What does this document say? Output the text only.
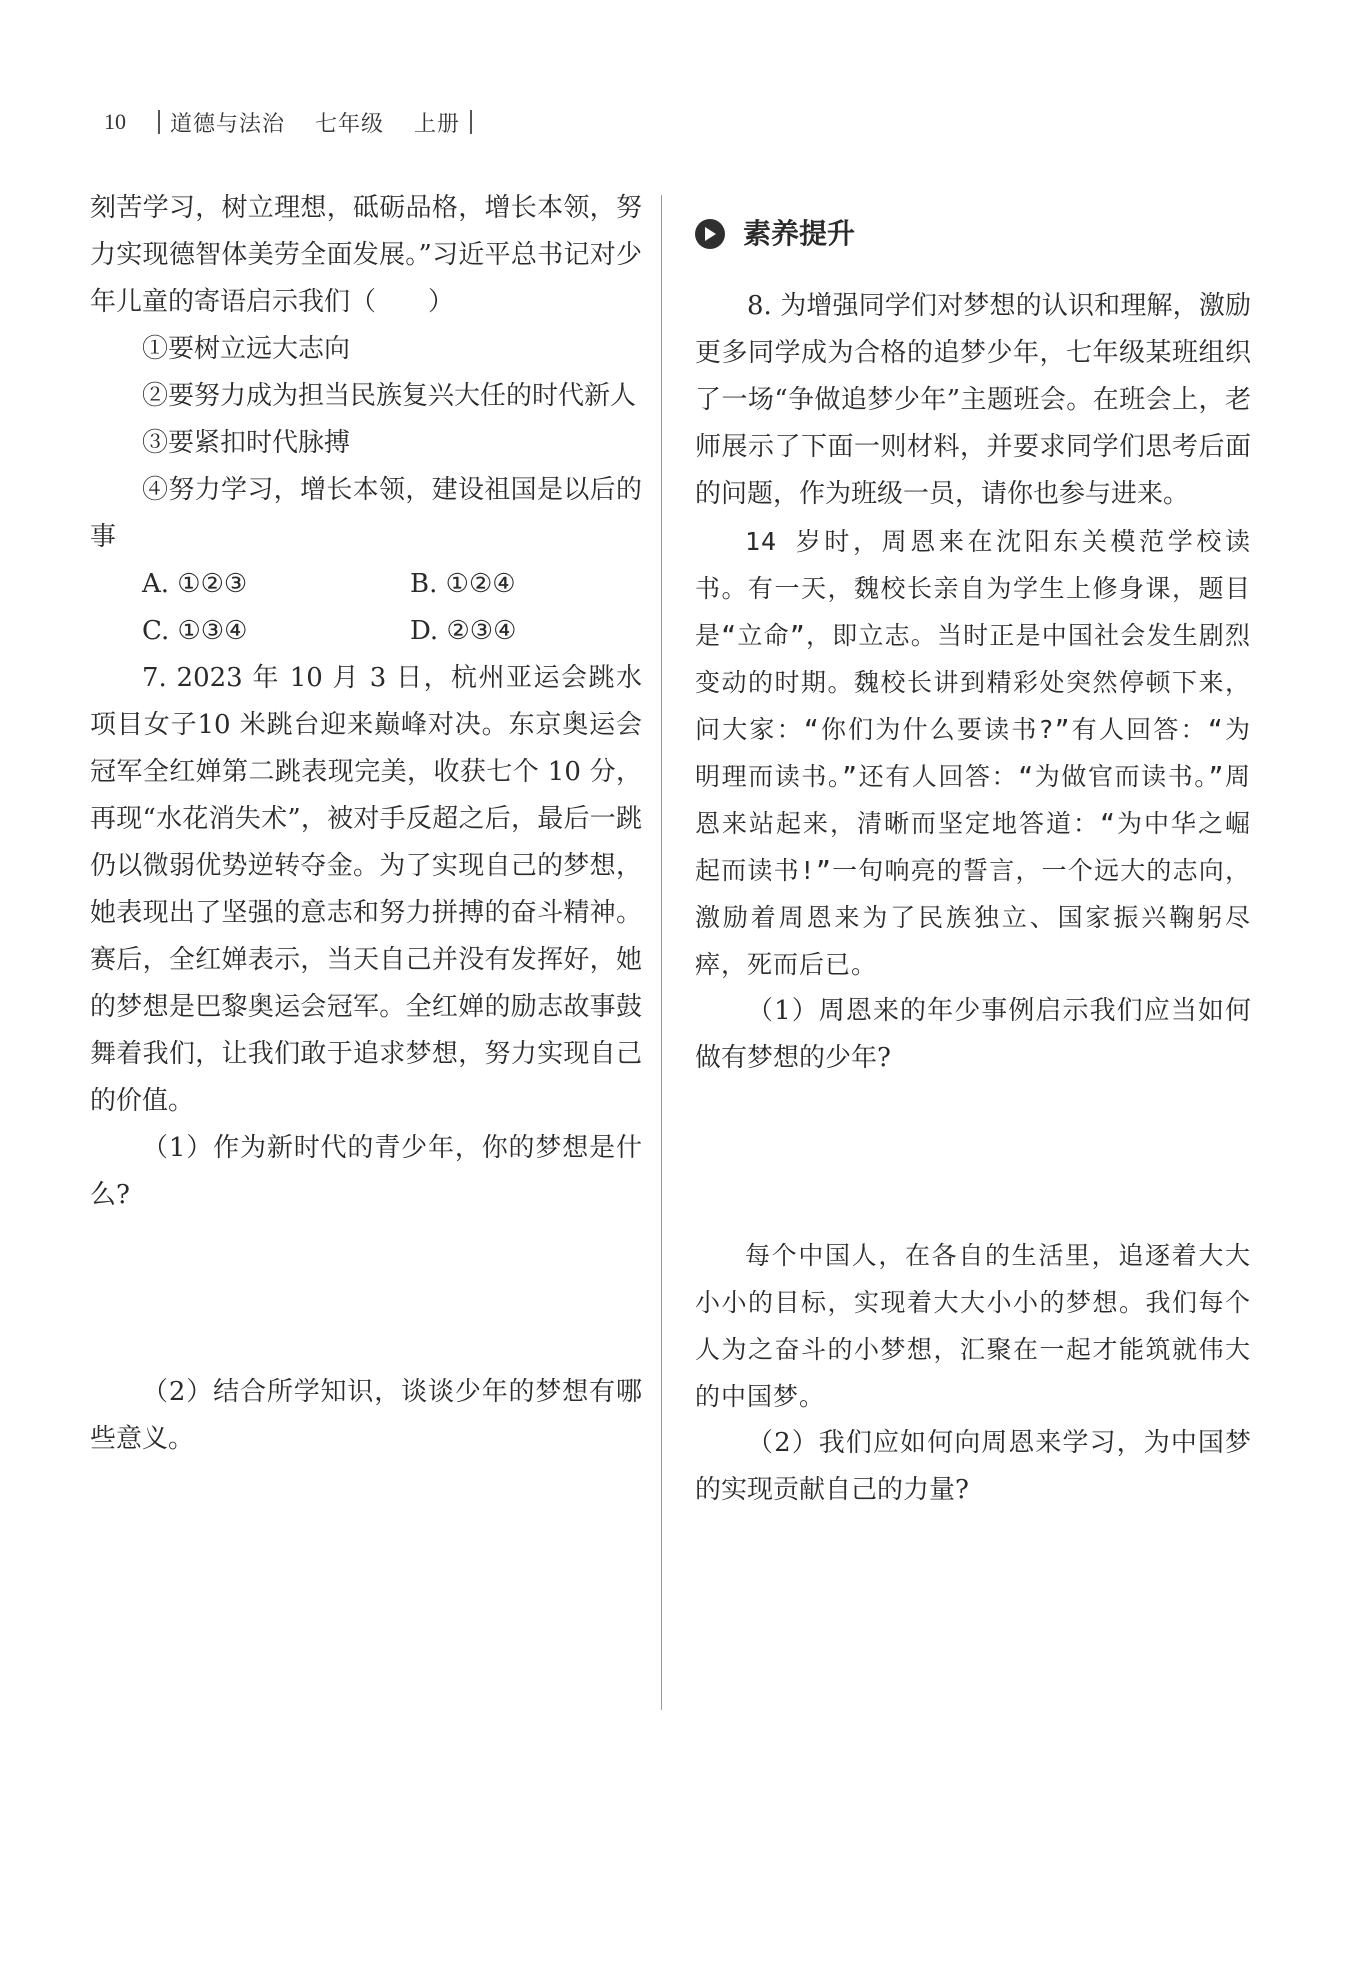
10 道德与法治 七年级 上册

刻苦学习，树立理想，砥砺品格，增长本领，努力实现德智体美劳全面发展。”习近平总书记对少年儿童的寄语启示我们（　　）

①要树立远大志向

②要努力成为担当民族复兴大任的时代新人

③要紧扣时代脉搏

④努力学习，增长本领，建设祖国是以后的事

A. ①②③	B. ①②④
C. ①③④	D. ②③④

7. 2023 年 10 月 3 日，杭州亚运会跳水项目女子10 米跳台迎来巅峰对决。东京奥运会冠军全红婵第二跳表现完美，收获七个 10 分，再现“水花消失术”，被对手反超之后，最后一跳仍以微弱优势逆转夺金。为了实现自己的梦想，她表现出了坚强的意志和努力拼搏的奋斗精神。赛后，全红婵表示，当天自己并没有发挥好，她的梦想是巴黎奥运会冠军。全红婵的励志故事鼓舞着我们，让我们敢于追求梦想，努力实现自己的价值。

（1）作为新时代的青少年，你的梦想是什么?

（2）结合所学知识，谈谈少年的梦想有哪些意义。

素养提升

8. 为增强同学们对梦想的认识和理解，激励更多同学成为合格的追梦少年，七年级某班组织了一场“争做追梦少年”主题班会。在班会上，老师展示了下面一则材料，并要求同学们思考后面的问题，作为班级一员，请你也参与进来。

14 岁时，周恩来在沈阳东关模范学校读书。有一天，魏校长亲自为学生上修身课，题目是“立命”，即立志。当时正是中国社会发生剧烈变动的时期。魏校长讲到精彩处突然停顿下来，问大家：“你们为什么要读书?”有人回答：“为明理而读书。”还有人回答：“为做官而读书。”周恩来站起来，清晰而坚定地答道：“为中华之崛起而读书!”一句响亮的誓言，一个远大的志向，激励着周恩来为了民族独立、国家振兴鞠躬尽瘁，死而后已。

（1）周恩来的年少事例启示我们应当如何做有梦想的少年?

每个中国人，在各自的生活里，追逐着大大小小的目标，实现着大大小小的梦想。我们每个人为之奋斗的小梦想，汇聚在一起才能筑就伟大的中国梦。

（2）我们应如何向周恩来学习，为中国梦的实现贡献自己的力量?
